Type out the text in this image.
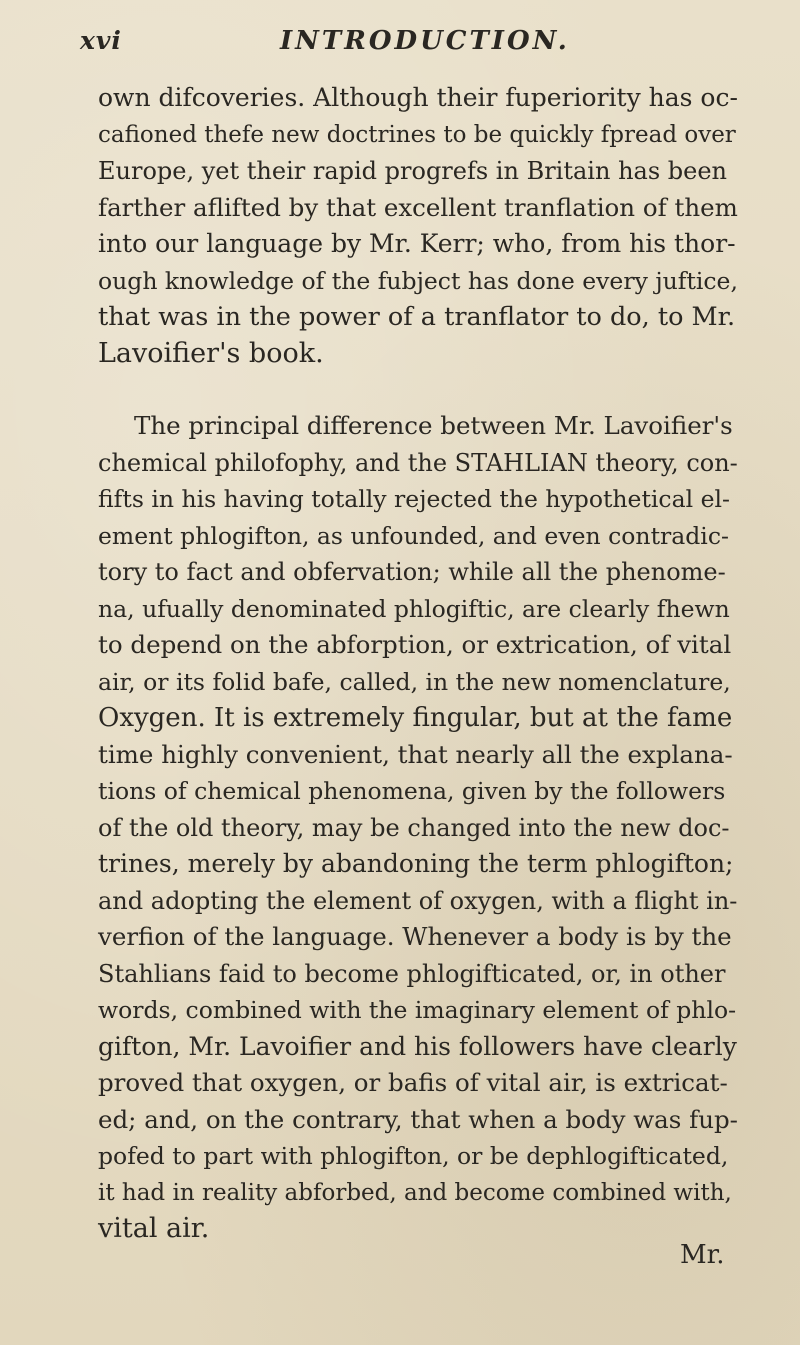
xvi	INTRODUCTION.

own difcoveries. Although their fuperiority has oc-
cafioned thefe new doctrines to be quickly fpread over
Europe, yet their rapid progrefs in Britain has been
farther aflifted by that excellent tranflation of them
into our language by Mr. Kerr; who, from his thor-
ough knowledge of the fubject has done every juftice,
that was in the power of a tranflator to do, to Mr.
Lavoifier's book.

The principal difference between Mr. Lavoifier's
chemical philofophy, and the STAHLIAN theory, con-
fifts in his having totally rejected the hypothetical el-
ement phlogifton, as unfounded, and even contradic-
tory to fact and obfervation; while all the phenome-
na, ufually denominated phlogiftic, are clearly fhewn
to depend on the abforption, or extrication, of vital
air, or its folid bafe, called, in the new nomenclature,
Oxygen. It is extremely fingular, but at the fame
time highly convenient, that nearly all the explana-
tions of chemical phenomena, given by the followers
of the old theory, may be changed into the new doc-
trines, merely by abandoning the term phlogifton;
and adopting the element of oxygen, with a flight in-
verfion of the language. Whenever a body is by the
Stahlians faid to become phlogifticated, or, in other
words, combined with the imaginary element of phlo-
gifton, Mr. Lavoifier and his followers have clearly
proved that oxygen, or bafis of vital air, is extricat-
ed; and, on the contrary, that when a body was fup-
pofed to part with phlogifton, or be dephlogifticated,
it had in reality abforbed, and become combined with,
vital air.

Mr.
